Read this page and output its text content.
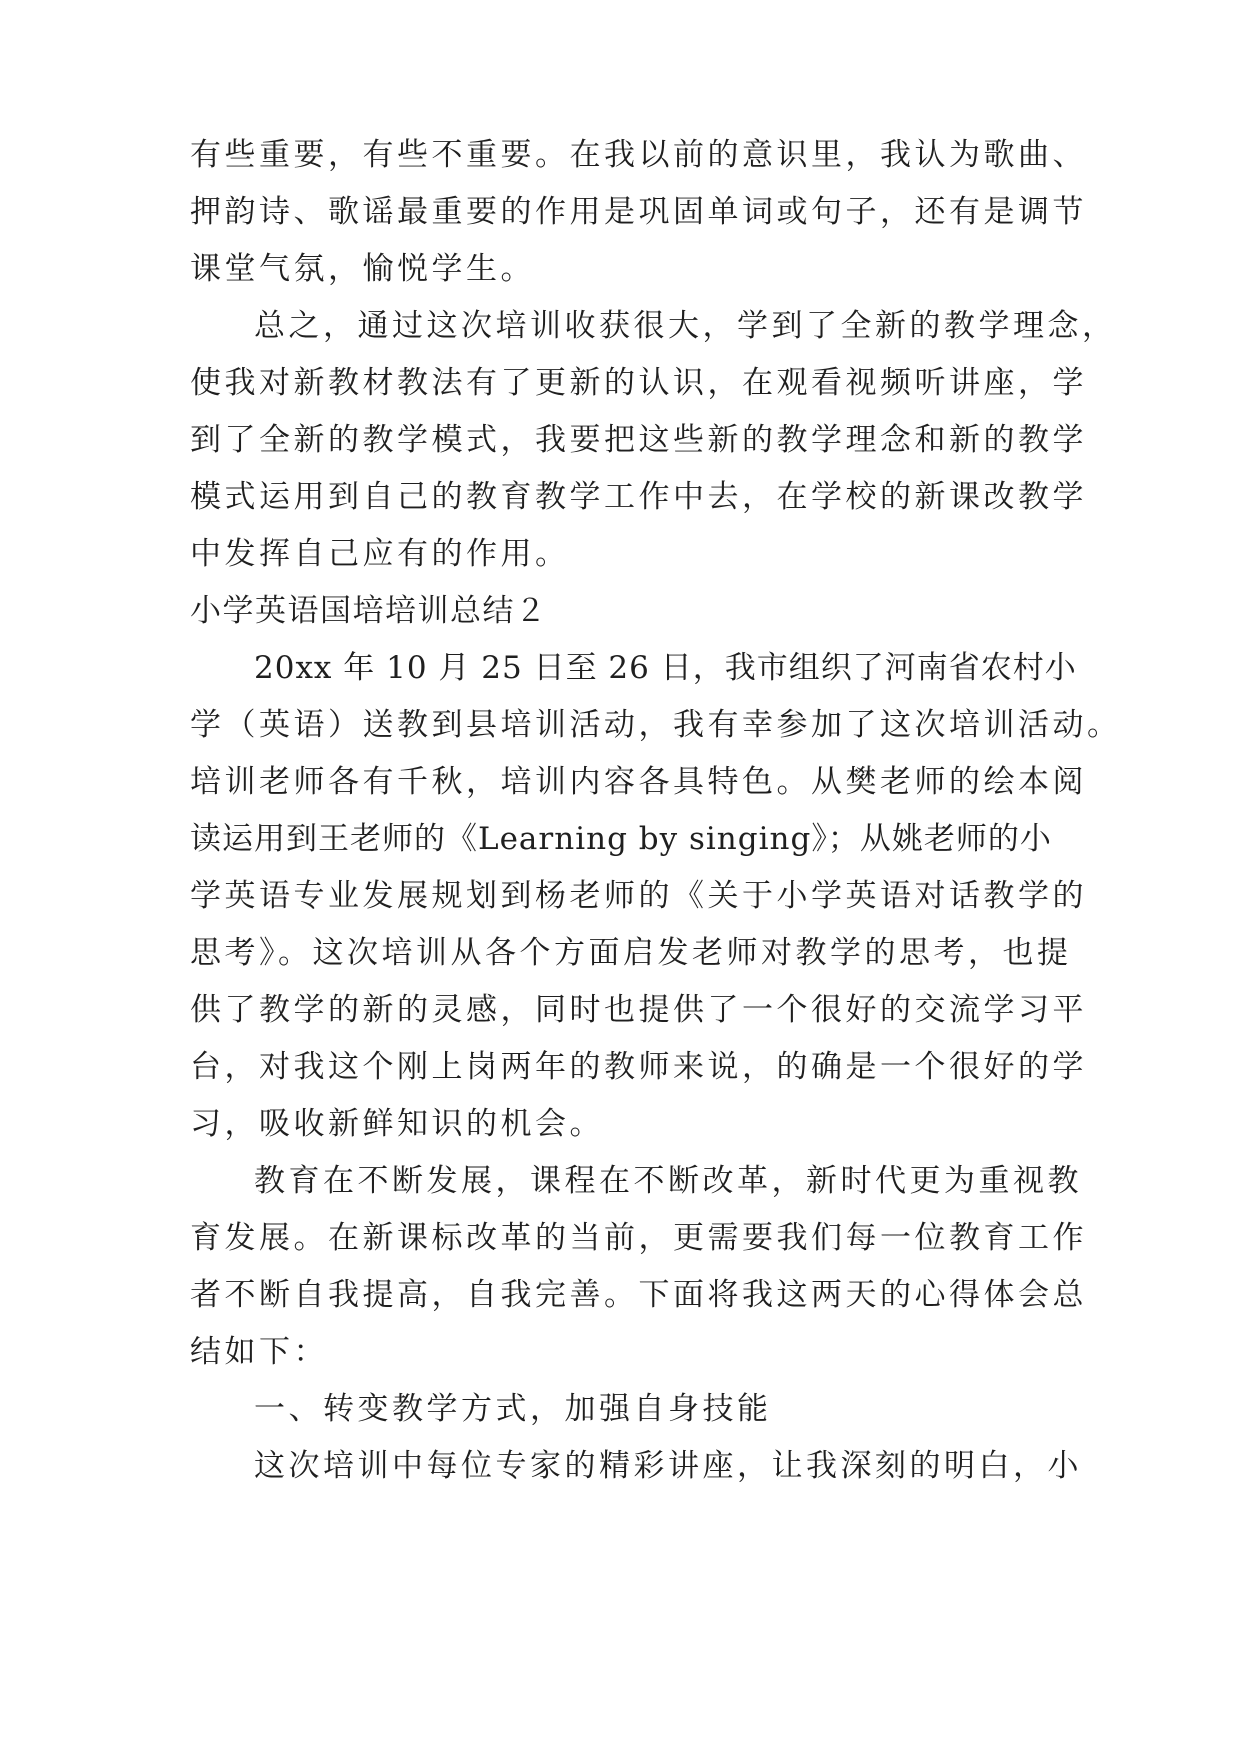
有些重要，有些不重要。在我以前的意识里，我认为歌曲、
押韵诗、歌谣最重要的作用是巩固单词或句子，还有是调节
课堂气氛，愉悦学生。
总之，通过这次培训收获很大，学到了全新的教学理念，
使我对新教材教法有了更新的认识，在观看视频听讲座，学
到了全新的教学模式，我要把这些新的教学理念和新的教学
模式运用到自己的教育教学工作中去，在学校的新课改教学
中发挥自己应有的作用。
小学英语国培培训总结２
20xx 年 10 月 25 日至 26 日，我市组织了河南省农村小
学（英语）送教到县培训活动，我有幸参加了这次培训活动。
培训老师各有千秋，培训内容各具特色。从樊老师的绘本阅
读运用到王老师的《Learning by singing》；从姚老师的小
学英语专业发展规划到杨老师的《关于小学英语对话教学的
思考》。这次培训从各个方面启发老师对教学的思考，也提
供了教学的新的灵感，同时也提供了一个很好的交流学习平
台，对我这个刚上岗两年的教师来说，的确是一个很好的学
习，吸收新鲜知识的机会。
教育在不断发展，课程在不断改革，新时代更为重视教
育发展。在新课标改革的当前，更需要我们每一位教育工作
者不断自我提高，自我完善。下面将我这两天的心得体会总
结如下：
一、转变教学方式，加强自身技能
这次培训中每位专家的精彩讲座，让我深刻的明白，小
